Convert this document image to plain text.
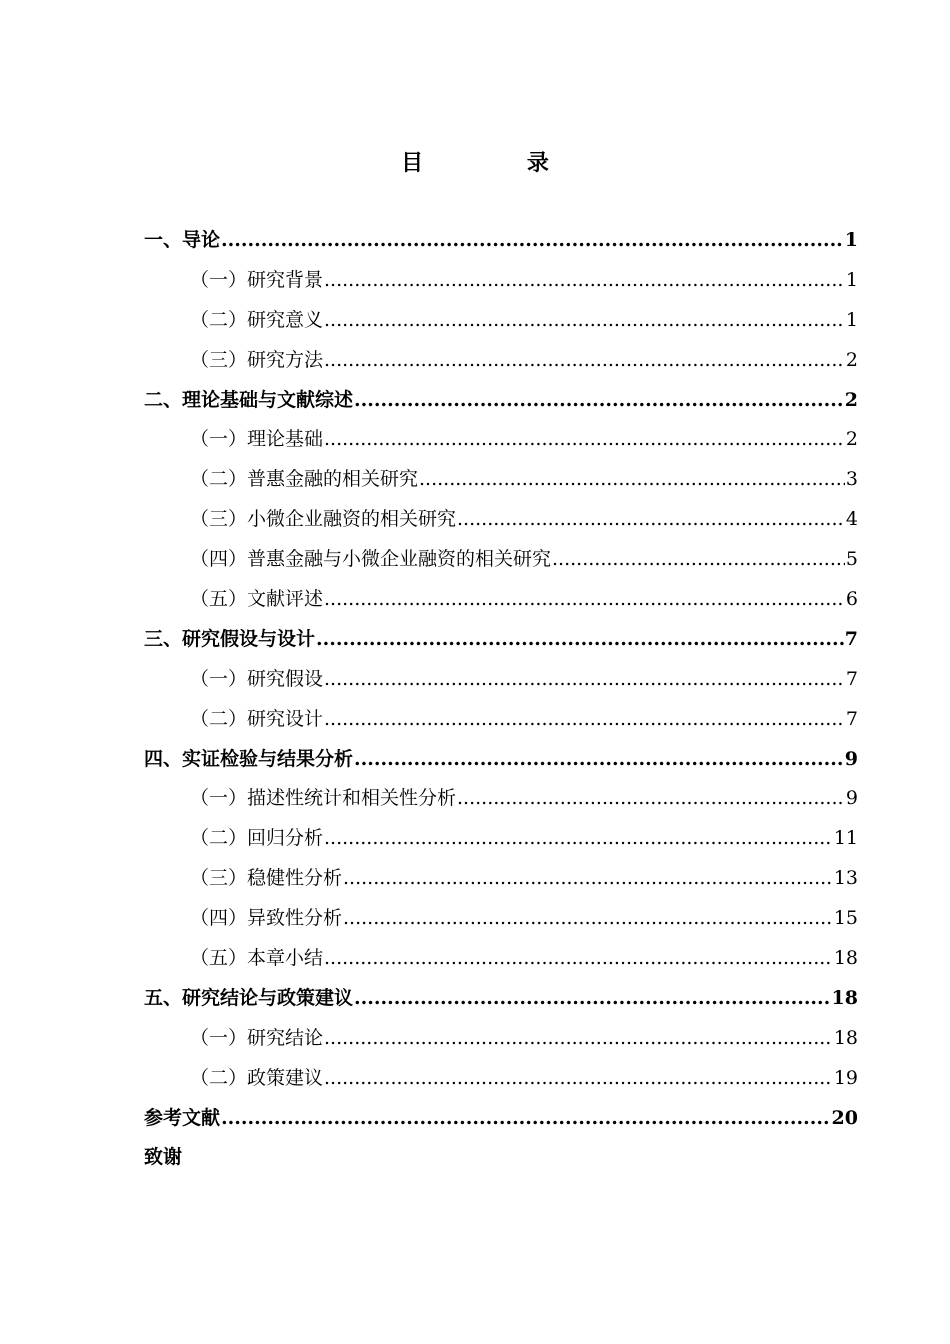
目 录
一、导论 .....	1
（一）研究背景 .....	1
（二）研究意义 .....	1
（三）研究方法 .....	2
二、理论基础与文献综述 .....	2
（一）理论基础 .....	2
（二）普惠金融的相关研究 .....	3
（三）小微企业融资的相关研究 .....	4
（四）普惠金融与小微企业融资的相关研究 .....	5
（五）文献评述 .....	6
三、研究假设与设计 .....	7
（一）研究假设 .....	7
（二）研究设计 .....	7
四、实证检验与结果分析 .....	9
（一）描述性统计和相关性分析 .....	9
（二）回归分析 .....	11
（三）稳健性分析 .....	13
（四）异致性分析 .....	15
（五）本章小结 .....	18
五、研究结论与政策建议 .....	18
（一）研究结论 .....	18
（二）政策建议 .....	19
参考文献 .....	20
致谢
